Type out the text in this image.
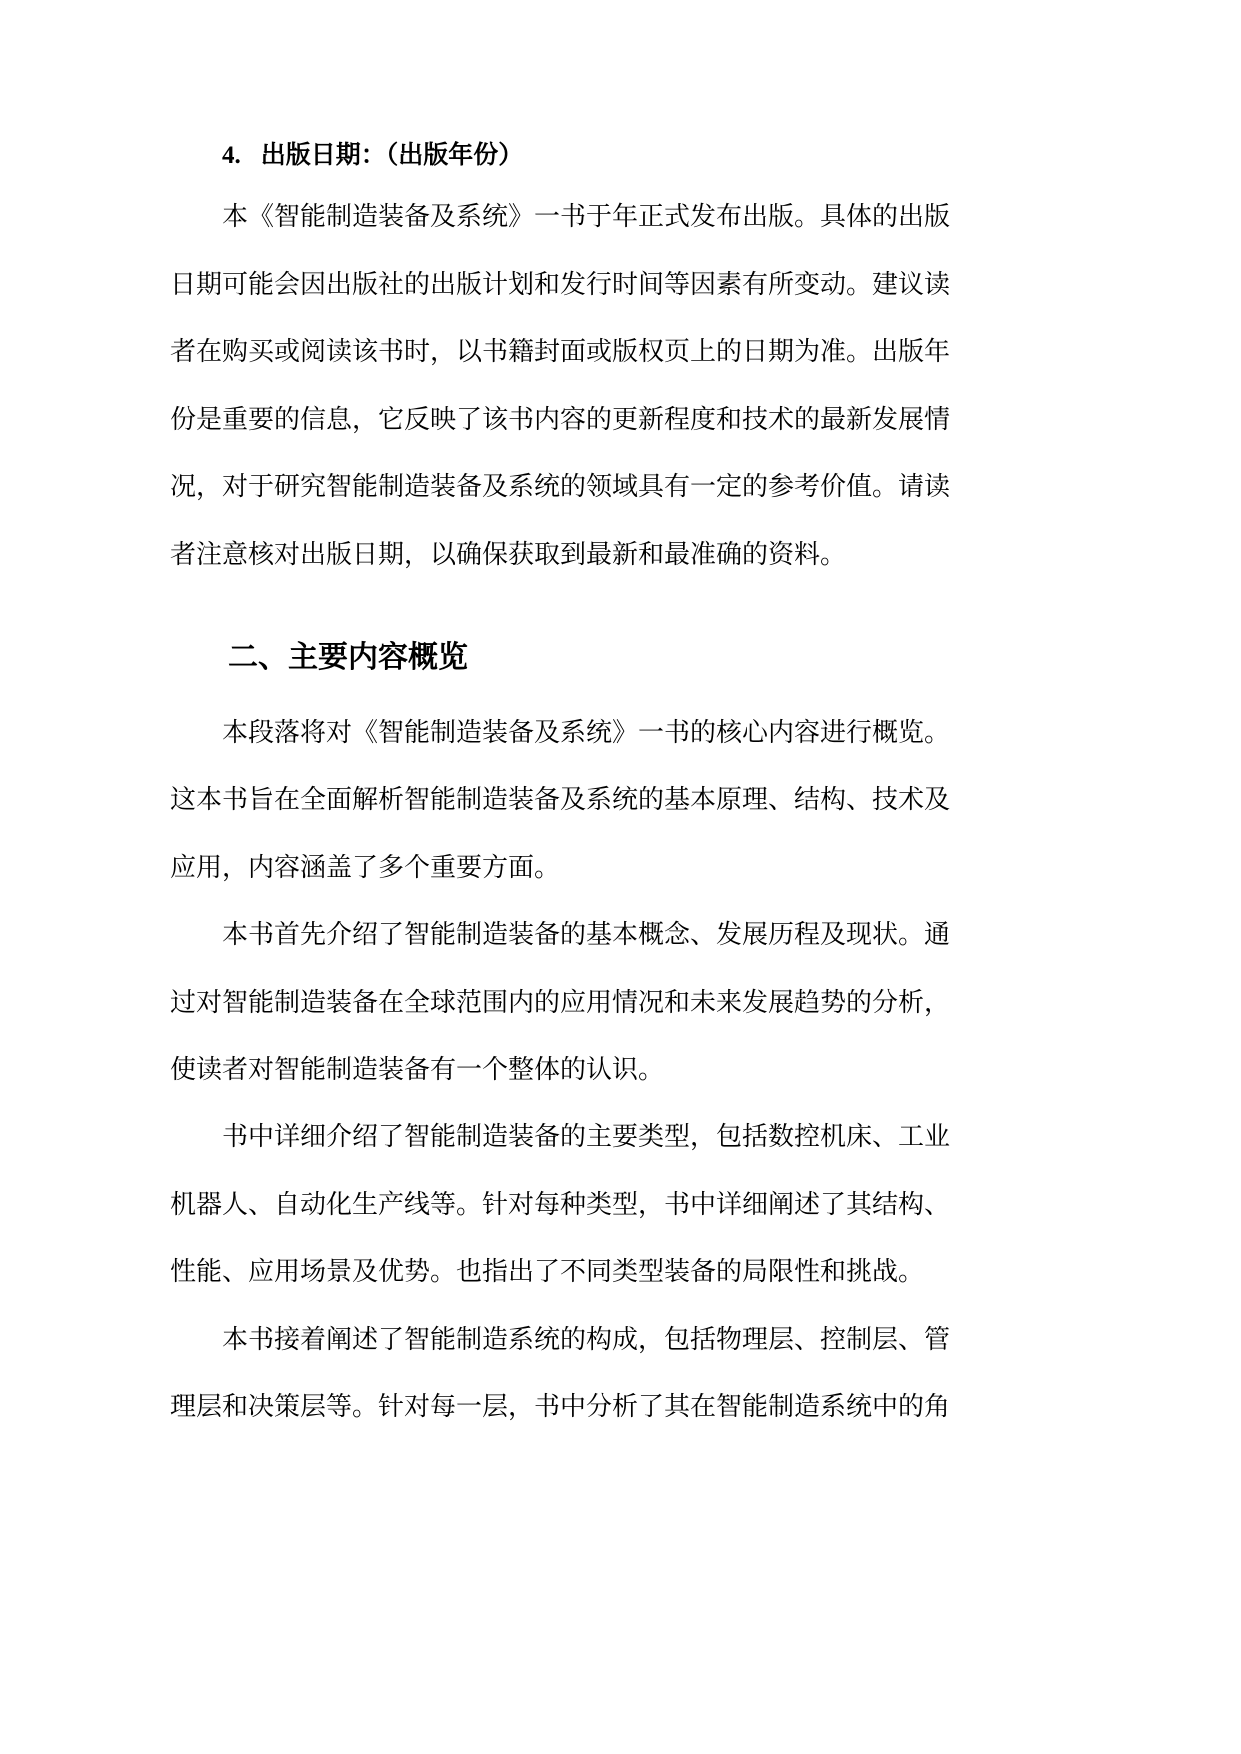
4. 出版日期：（出版年份）
本《智能制造装备及系统》一书于年正式发布出版。具体的出版
日期可能会因出版社的出版计划和发行时间等因素有所变动。建议读
者在购买或阅读该书时，以书籍封面或版权页上的日期为准。出版年
份是重要的信息，它反映了该书内容的更新程度和技术的最新发展情
况，对于研究智能制造装备及系统的领域具有一定的参考价值。请读
者注意核对出版日期，以确保获取到最新和最准确的资料。
二、主要内容概览
本段落将对《智能制造装备及系统》一书的核心内容进行概览。
这本书旨在全面解析智能制造装备及系统的基本原理、结构、技术及
应用，内容涵盖了多个重要方面。
本书首先介绍了智能制造装备的基本概念、发展历程及现状。通
过对智能制造装备在全球范围内的应用情况和未来发展趋势的分析，
使读者对智能制造装备有一个整体的认识。
书中详细介绍了智能制造装备的主要类型，包括数控机床、工业
机器人、自动化生产线等。针对每种类型，书中详细阐述了其结构、
性能、应用场景及优势。也指出了不同类型装备的局限性和挑战。
本书接着阐述了智能制造系统的构成，包括物理层、控制层、管
理层和决策层等。针对每一层，书中分析了其在智能制造系统中的角
